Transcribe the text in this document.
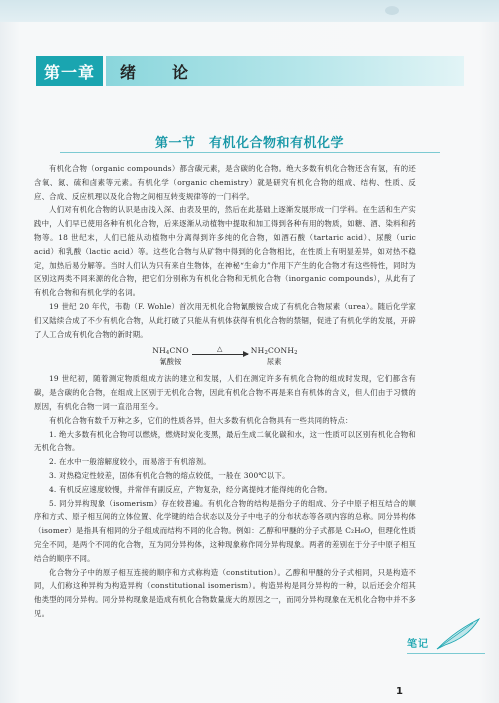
第一章	绪　论
第一节　有机化合物和有机化学

有机化合物（organic compounds）都含碳元素，是含碳的化合物。绝大多数有机化合物还含有氢，有的还含氧、氮、硫和卤素等元素。有机化学（organic chemistry）就是研究有机化合物的组成、结构、性质、反应、合成、反应机理以及化合物之间相互转变规律等的一门科学。

人们对有机化合物的认识是由浅入深、由表及里的，然后在此基础上逐渐发展形成一门学科。在生活和生产实践中，人们早已使用各种有机化合物，后来逐渐从动植物中提取和加工得到各种有用的物质，如糖、酒、染料和药物等。18 世纪末，人们已能从动植物中分离得到许多纯的化合物，如酒石酸（tartaric acid）、尿酸（uric acid）和乳酸（lactic acid）等。这些化合物与从矿物中得到的化合物相比，在性质上有明显差异，如对热不稳定，加热后易分解等。当时人们认为只有来自生物体，在神秘“生命力”作用下产生的化合物才有这些特性，同时为区别这两类不同来源的化合物，把它们分别称为有机化合物和无机化合物（inorganic compounds），从此有了有机化合物和有机化学的名词。

19 世纪 20 年代，韦勒（F. Wohle）首次用无机化合物氰酸铵合成了有机化合物尿素（urea）。随后化学家们又陆续合成了不少有机化合物，从此打破了只能从有机体获得有机化合物的禁锢，促进了有机化学的发展，开辟了人工合成有机化合物的新时期。

$NH_4CNO$
氰酸铵
△	$NH_2CONH_2$
尿素

19 世纪初，随着测定物质组成方法的建立和发展，人们在测定许多有机化合物的组成时发现，它们都含有碳，是含碳的化合物，在组成上区别于无机化合物，因此有机化合物不再是来自有机体的含义，但人们由于习惯的原因，有机化合物一词一直沿用至今。

有机化合物有数千万种之多，它们的性质各异，但大多数有机化合物具有一些共同的特点：

1. 绝大多数有机化合物可以燃烧，燃烧时炭化变黑，最后生成二氧化碳和水，这一性质可以区别有机化合物和无机化合物。

2. 在水中一般溶解度较小，而易溶于有机溶剂。

3. 对热稳定性较差，固体有机化合物的熔点较低，一般在 300℃以下。

4. 有机反应速度较慢，并常伴有副反应，产物复杂，经分离提纯才能得纯的化合物。

5. 同分异构现象（isomerism）存在较普遍。有机化合物的结构是指分子的组成、分子中原子相互结合的顺序和方式、原子相互间的立体位置、化学键的结合状态以及分子中电子的分布状态等各项内容的总称。同分异构体（isomer）是指具有相同的分子组成而结构不同的化合物。例如：乙醇和甲醚的分子式都是 C₂H₆O，但理化性质完全不同，是两个不同的化合物，互为同分异构体，这种现象称作同分异构现象。两者的差别在于分子中原子相互结合的顺序不同。

化合物分子中的原子相互连接的顺序和方式称构造（constitution）。乙醇和甲醚的分子式相同，只是构造不同，人们称这种异构为构造异构（constitutional isomerism）。构造异构是同分异构的一种，以后还会介绍其他类型的同分异构。同分异构现象是造成有机化合物数量庞大的原因之一，而同分异构现象在无机化合物中并不多见。

笔记
1
